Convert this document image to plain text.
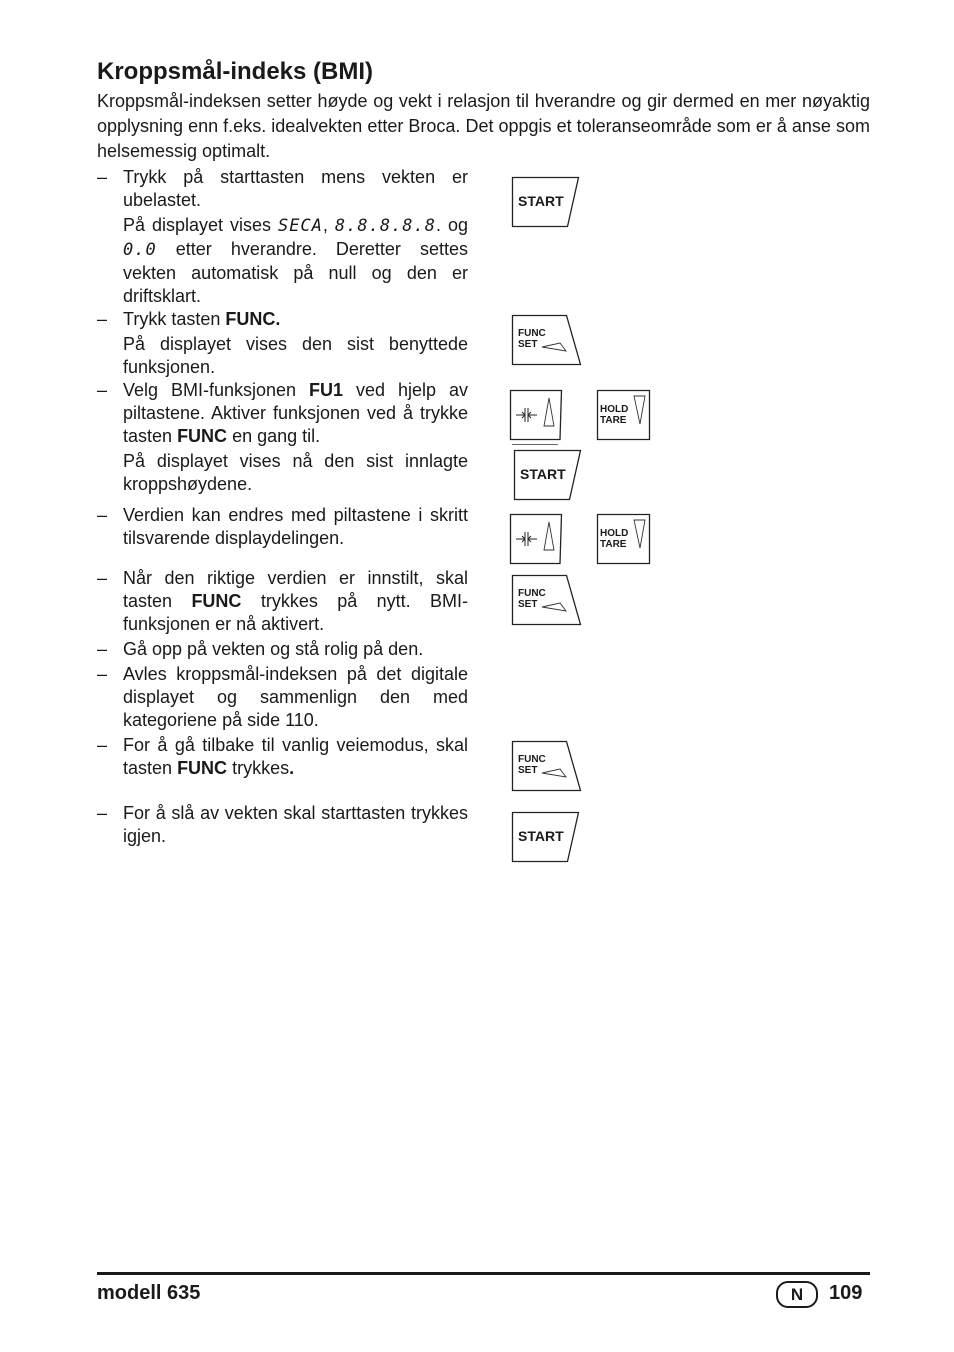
Kroppsmål-indeks (BMI)

Kroppsmål-indeksen setter høyde og vekt i relasjon til hverandre og gir dermed en mer nøyaktig opplysning enn f.eks. idealvekten etter Broca. Det oppgis et toleranseområde som er å anse som helsemessig optimalt.

– Trykk på starttasten mens vekten er ubelastet.

På displayet vises SECA, 8.8.8.8.8. og 0.0 etter hverandre. Deretter settes vekten automatisk på null og den er driftsklart.

– Trykk tasten FUNC.

På displayet vises den sist benyttede funksjonen.

– Velg BMI-funksjonen FU1 ved hjelp av piltastene. Aktiver funksjonen ved å trykke tasten FUNC en gang til.

På displayet vises nå den sist innlagte kroppshøydene.

– Verdien kan endres med piltastene i skritt tilsvarende displaydelingen.

– Når den riktige verdien er innstilt, skal tasten FUNC trykkes på nytt. BMI-funksjonen er nå aktivert.

– Gå opp på vekten og stå rolig på den.

– Avles kroppsmål-indeksen på det digitale displayet og sammenlign den med kategoriene på side 110.

– For å gå tilbake til vanlig veiemodus, skal tasten FUNC trykkes.

– For å slå av vekten skal starttasten trykkes igjen.

START
FUNC
SET
HOLD
TARE
START
HOLD
TARE
FUNC
SET
FUNC
SET
START
modell 635	N	109
